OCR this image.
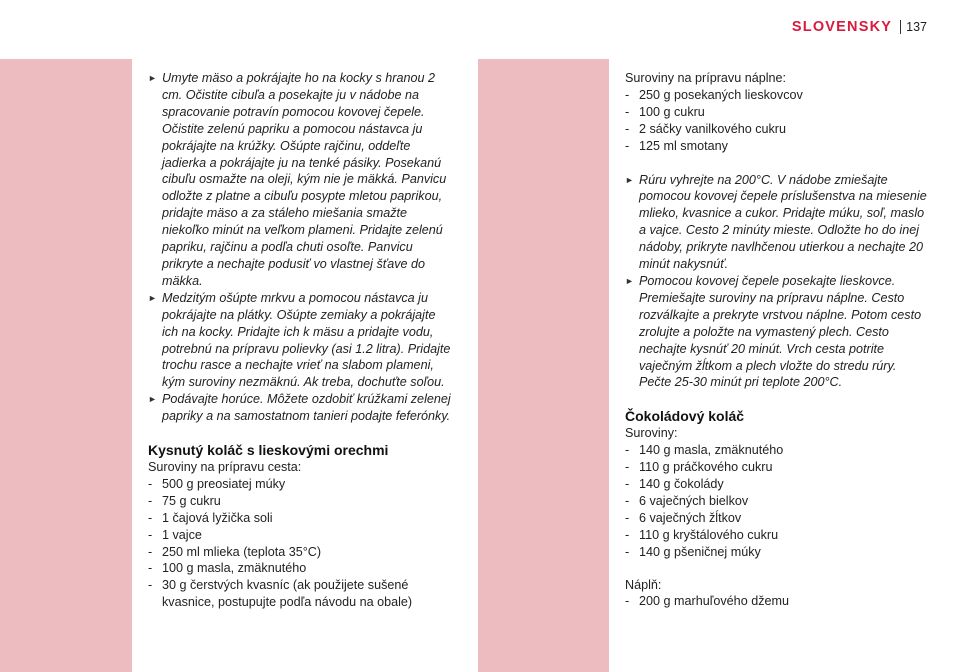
SLOVENSKY 137

► Umyte mäso a pokrájajte ho na kocky s hranou 2 cm. Očistite cibuľa a posekajte ju v nádobe na spracovanie potravín pomocou kovovej čepele. Očistite zelenú papriku a pomocou nástavca ju pokrájajte na krúžky. Ošúpte rajčinu, oddeľte jadierka a pokrájajte ju na tenké pásiky. Posekanú cibuľu osmažte na oleji, kým nie je mäkká. Panvicu odložte z platne a cibuľu posypte mletou paprikou, pridajte mäso a za stáleho miešania smažte niekoľko minút na veľkom plameni. Pridajte zelenú papriku, rajčinu a podľa chuti osoľte. Panvicu prikryte a nechajte podusiť vo vlastnej šťave do mäkka.

► Medzitým ošúpte mrkvu a pomocou nástavca ju pokrájajte na plátky. Ošúpte zemiaky a pokrájajte ich na kocky. Pridajte ich k mäsu a pridajte vodu, potrebnú na prípravu polievky (asi 1.2 litra). Pridajte trochu rasce a nechajte vrieť na slabom plameni, kým suroviny nezmäknú. Ak treba, dochuťte soľou.

► Podávajte horúce. Môžete ozdobiť krúžkami zelenej papriky a na samostatnom tanieri podajte feferónky.

Kysnutý koláč s lieskovými orechmi

Suroviny na prípravu cesta:

- 500 g preosiatej múky

- 75 g cukru

- 1 čajová lyžička soli

- 1 vajce

- 250 ml mlieka (teplota 35°C)

- 100 g masla, zmäknutého

- 30 g čerstvých kvasníc (ak použijete sušené kvasnice, postupujte podľa návodu na obale)

Suroviny na prípravu náplne:

- 250 g posekaných lieskovcov

- 100 g cukru

- 2 sáčky vanilkového cukru

- 125 ml smotany

► Rúru vyhrejte na 200°C. V nádobe zmiešajte pomocou kovovej čepele príslušenstva na miesenie mlieko, kvasnice a cukor. Pridajte múku, soľ, maslo a vajce. Cesto 2 minúty mieste. Odložte ho do inej nádoby, prikryte navlhčenou utierkou a nechajte 20 minút nakysnúť.

► Pomocou kovovej čepele posekajte lieskovce. Premiešajte suroviny na prípravu náplne. Cesto rozválkajte a prekryte vrstvou náplne. Potom cesto zrolujte a položte na vymastený plech. Cesto nechajte kysnúť 20 minút. Vrch cesta potrite vaječným žĺtkom a plech vložte do stredu rúry. Pečte 25-30 minút pri teplote 200°C.

Čokoládový koláč

Suroviny:

- 140 g masla, zmäknutého

- 110 g práčkového cukru

- 140 g čokolády

- 6 vaječných bielkov

- 6 vaječných žĺtkov

- 110 g kryštálového cukru

- 140 g pšeničnej múky

Náplň:

- 200 g marhuľového džemu
